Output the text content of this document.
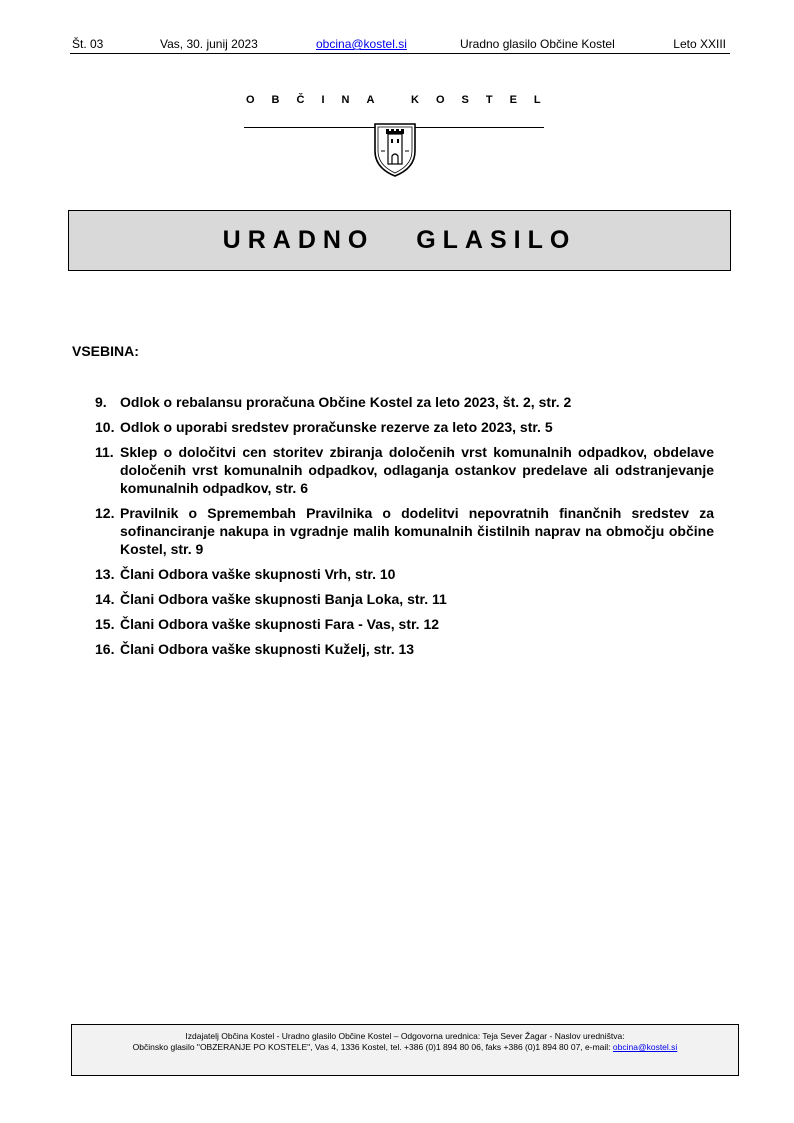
Št. 03	Vas, 30. junij 2023	obcina@kostel.si	Uradno glasilo Občine Kostel	Leto XXIII
OBČINA KOSTEL
URADNO   GLASILO
VSEBINA:
9. Odlok o rebalansu proračuna Občine Kostel za leto 2023, št. 2, str. 2
10. Odlok o uporabi sredstev proračunske rezerve za leto 2023, str. 5
11. Sklep o določitvi cen storitev zbiranja določenih vrst komunalnih odpadkov, obdelave določenih vrst komunalnih odpadkov, odlaganja ostankov predelave ali odstranjevanje komunalnih odpadkov, str. 6
12. Pravilnik o Spremembah Pravilnika o dodelitvi nepovratnih finančnih sredstev za sofinanciranje nakupa in vgradnje malih komunalnih čistilnih naprav na območju občine Kostel, str. 9
13. Člani Odbora vaške skupnosti Vrh, str. 10
14. Člani Odbora vaške skupnosti Banja Loka, str. 11
15. Člani Odbora vaške skupnosti Fara - Vas, str. 12
16. Člani Odbora vaške skupnosti Kuželj, str. 13
Izdajatelj Občina Kostel - Uradno glasilo Občine Kostel – Odgovorna urednica: Teja Sever Žagar - Naslov uredništva:
Občinsko glasilo "OBZERANJE PO KOSTELE", Vas 4, 1336 Kostel, tel. +386 (0)1 894 80 06, faks +386 (0)1 894 80 07, e-mail: obcina@kostel.si
